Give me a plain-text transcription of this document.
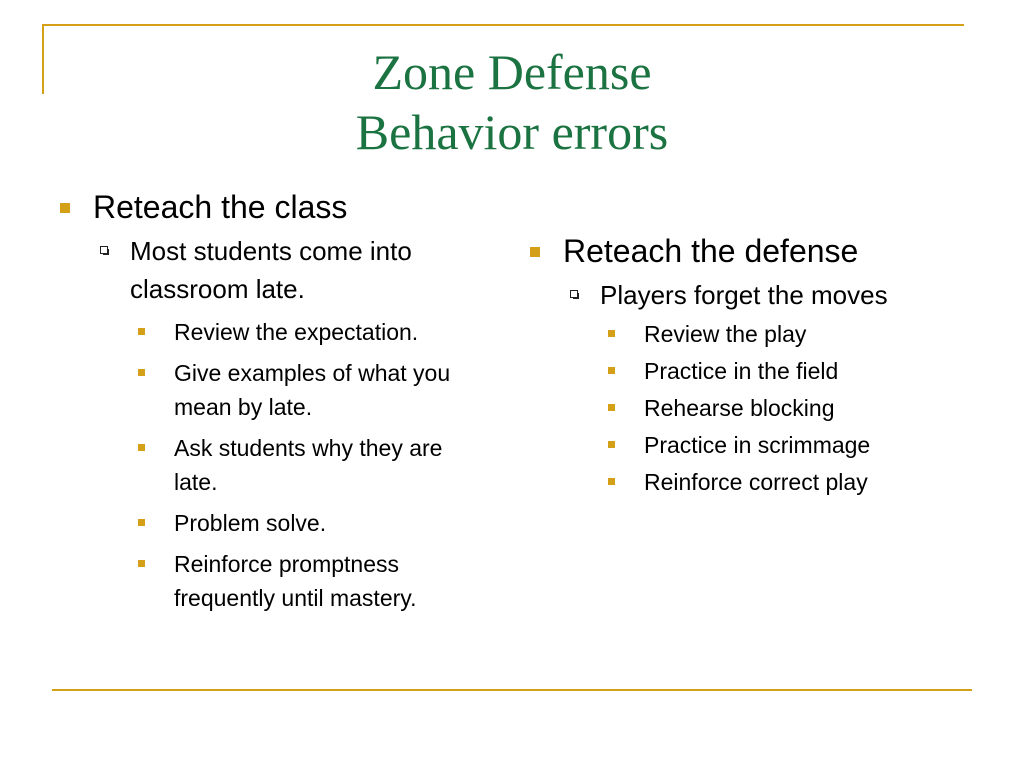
Zone Defense
Behavior errors
Reteach the class
Most students come into classroom late.
Review the expectation.
Give examples of what you mean by late.
Ask students why they are late.
Problem solve.
Reinforce promptness frequently until mastery.
Reteach the defense
Players forget the moves
Review the play
Practice in the field
Rehearse blocking
Practice in scrimmage
Reinforce correct play
